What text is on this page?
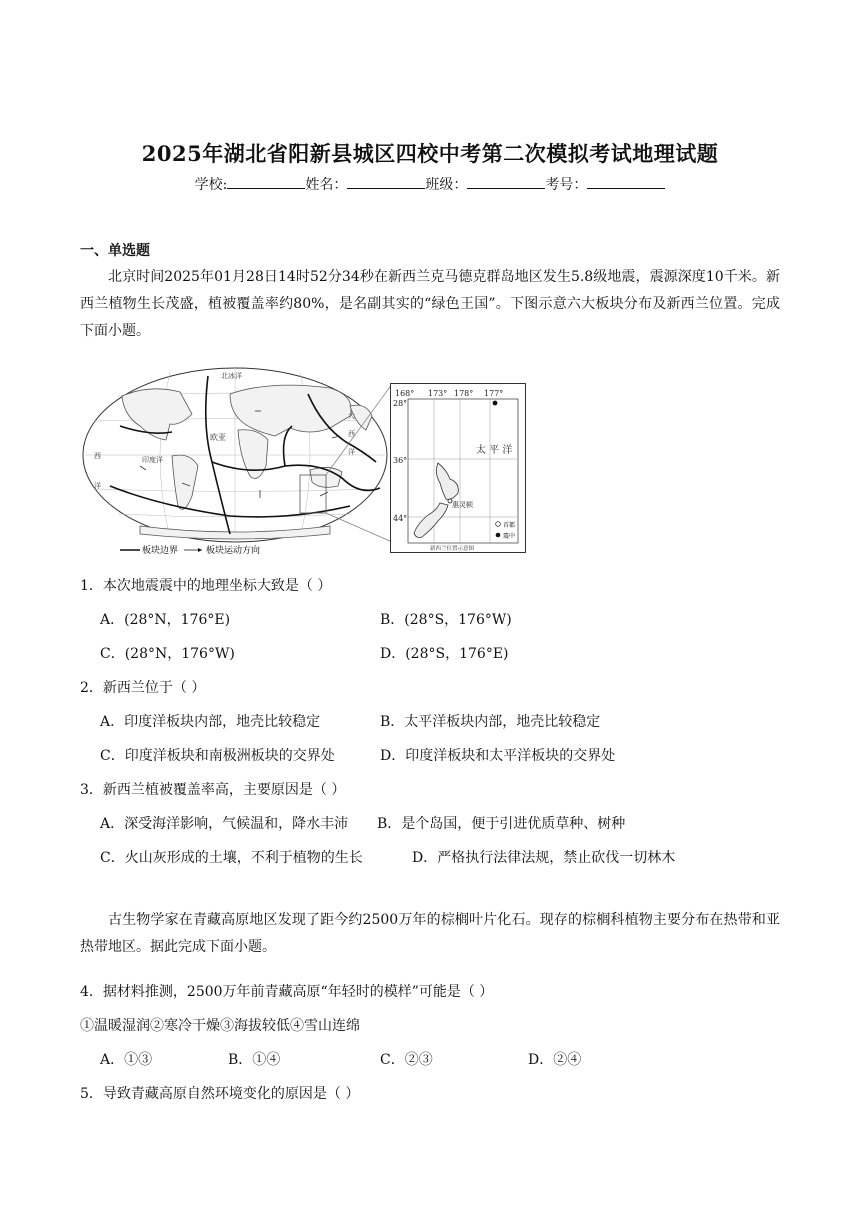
2025年湖北省阳新县城区四校中考第二次模拟考试地理试题
学校:	姓名：	班级：	考号：
一、单选题
北京时间2025年01月28日14时52分34秒在新西兰克马德克群岛地区发生5.8级地震，震源深度10千米。新西兰植物生长茂盛，植被覆盖率约80%，是名副其实的“绿色王国”。下图示意六大板块分布及新西兰位置。完成下面小题。
北冰洋
欧亚
印度洋
大
西
洋
西
洋
板块边界	板块运动方向
168° 173° 178° 177°
28°
36°
44°
太 平 洋
惠灵顿
首都
震中
新西兰位置示意图
1．本次地震震中的地理坐标大致是（ ）
A．(28°N，176°E)	B．(28°S，176°W)
C．(28°N，176°W)	D．(28°S，176°E)
2．新西兰位于（ ）
A．印度洋板块内部，地壳比较稳定	B．太平洋板块内部，地壳比较稳定
C．印度洋板块和南极洲板块的交界处	D．印度洋板块和太平洋板块的交界处
3．新西兰植被覆盖率高，主要原因是（ ）
A．深受海洋影响，气候温和，降水丰沛 B．是个岛国，便于引进优质草种、树种
C．火山灰形成的土壤，不利于植物的生长	D．严格执行法律法规，禁止砍伐一切林木
古生物学家在青藏高原地区发现了距今约2500万年的棕榈叶片化石。现存的棕榈科植物主要分布在热带和亚热带地区。据此完成下面小题。
4．据材料推测，2500万年前青藏高原“年轻时的模样”可能是（ ）
①温暖湿润②寒冷干燥③海拔较低④雪山连绵
A．①③	B．①④	C．②③	D．②④
5．导致青藏高原自然环境变化的原因是（ ）
